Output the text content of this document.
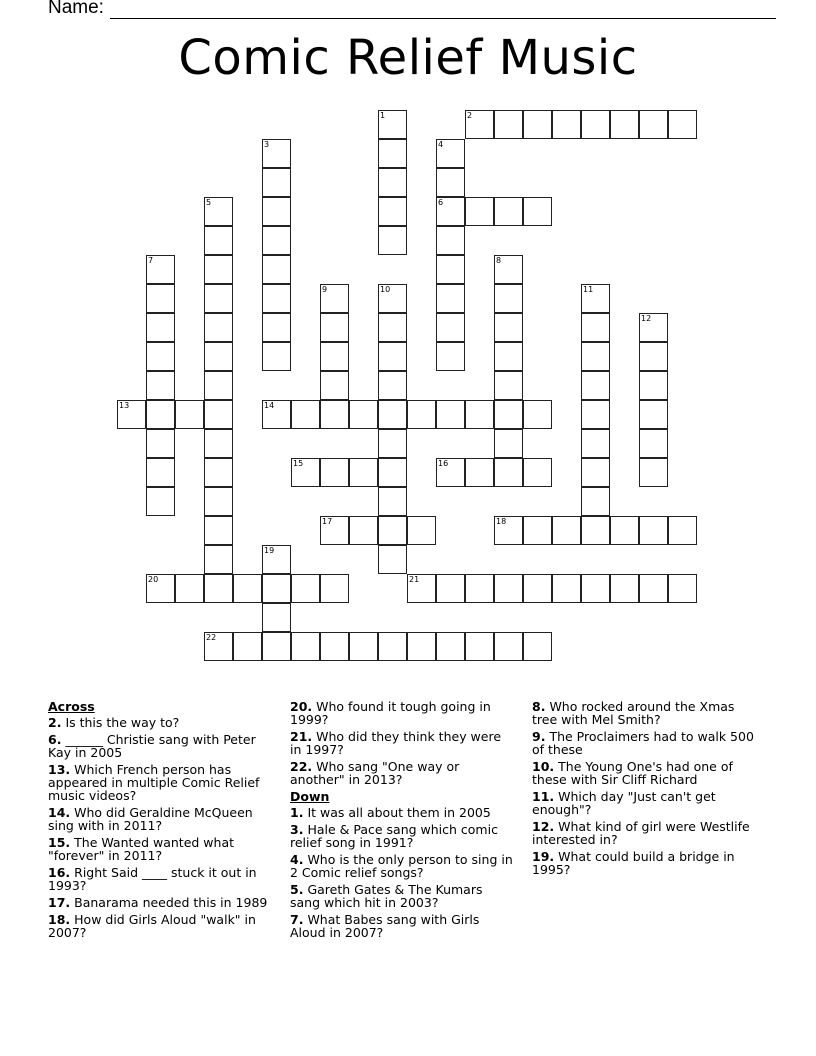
Name:
Comic Relief Music
1	2
3	4
6
5
7	8
9	10	11
12
13	14
15	16
17	18
19
20	21
22
Across
2. Is this the way to?
6. ______ Christie sang with Peter Kay in 2005
13. Which French person has appeared in multiple Comic Relief music videos?
14. Who did Geraldine McQueen sing with in 2011?
15. The Wanted wanted what "forever" in 2011?
16. Right Said ____ stuck it out in 1993?
17. Banarama needed this in 1989
18. How did Girls Aloud "walk" in 2007?
20. Who found it tough going in 1999?
21. Who did they think they were in 1997?
22. Who sang "One way or another" in 2013?
Down
1. It was all about them in 2005
3. Hale & Pace sang which comic relief song in 1991?
4. Who is the only person to sing in 2 Comic relief songs?
5. Gareth Gates & The Kumars sang which hit in 2003?
7. What Babes sang with Girls Aloud in 2007?
8. Who rocked around the Xmas tree with Mel Smith?
9. The Proclaimers had to walk 500 of these
10. The Young One's had one of these with Sir Cliff Richard
11. Which day "Just can't get enough"?
12. What kind of girl were Westlife interested in?
19. What could build a bridge in 1995?
